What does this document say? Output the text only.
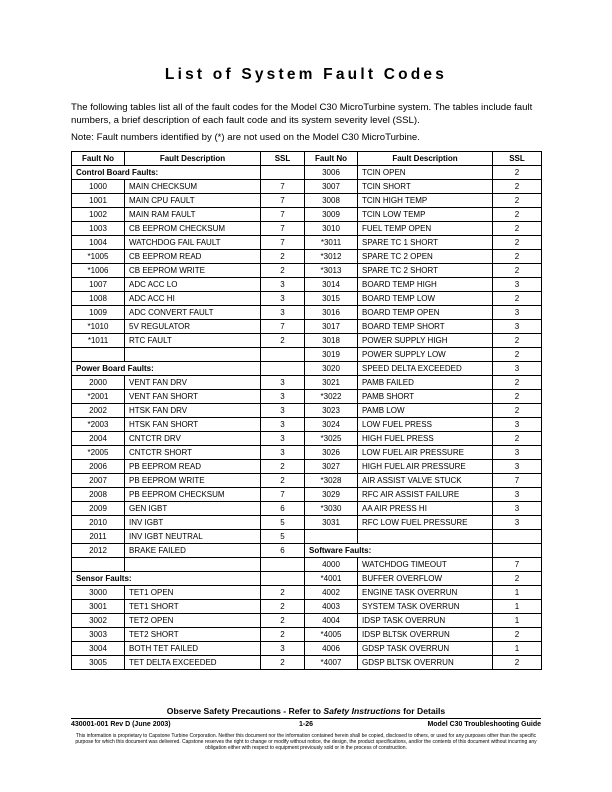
List of System Fault Codes

The following tables list all of the fault codes for the Model C30 MicroTurbine system. The tables include fault numbers, a brief description of each fault code and its system severity level (SSL).

Note: Fault numbers identified by (*) are not used on the Model C30 MicroTurbine.

Fault No	Fault Description	SSL	Fault No	Fault Description	SSL
Control Board Faults:			3006	TCIN OPEN	2
1000	MAIN CHECKSUM	7	3007	TCIN SHORT	2
1001	MAIN CPU FAULT	7	3008	TCIN HIGH TEMP	2
1002	MAIN RAM FAULT	7	3009	TCIN LOW TEMP	2
1003	CB EEPROM CHECKSUM	7	3010	FUEL TEMP OPEN	2
1004	WATCHDOG FAIL FAULT	7	*3011	SPARE TC 1 SHORT	2
*1005	CB EEPROM READ	2	*3012	SPARE TC 2 OPEN	2
*1006	CB EEPROM WRITE	2	*3013	SPARE TC 2 SHORT	2
1007	ADC ACC LO	3	3014	BOARD TEMP HIGH	3
1008	ADC ACC HI	3	3015	BOARD TEMP LOW	2
1009	ADC CONVERT FAULT	3	3016	BOARD TEMP OPEN	3
*1010	5V REGULATOR	7	3017	BOARD TEMP SHORT	3
*1011	RTC FAULT	2	3018	POWER SUPPLY HIGH	2
			3019	POWER SUPPLY LOW	2
Power Board Faults:			3020	SPEED DELTA EXCEEDED	3
2000	VENT FAN DRV	3	3021	PAMB FAILED	2
*2001	VENT FAN SHORT	3	*3022	PAMB SHORT	2
2002	HTSK FAN DRV	3	3023	PAMB LOW	2
*2003	HTSK FAN SHORT	3	3024	LOW FUEL PRESS	3
2004	CNTCTR DRV	3	*3025	HIGH FUEL PRESS	2
*2005	CNTCTR SHORT	3	3026	LOW FUEL AIR PRESSURE	3
2006	PB EEPROM READ	2	3027	HIGH FUEL AIR PRESSURE	3
2007	PB EEPROM WRITE	2	*3028	AIR ASSIST VALVE STUCK	7
2008	PB EEPROM CHECKSUM	7	3029	RFC AIR ASSIST FAILURE	3
2009	GEN IGBT	6	*3030	AA AIR PRESS HI	3
2010	INV IGBT	5	3031	RFC LOW FUEL PRESSURE	3
2011	INV IGBT NEUTRAL	5			
2012	BRAKE FAILED	6	Software Faults:		
			4000	WATCHDOG TIMEOUT	7
Sensor Faults:			*4001	BUFFER OVERFLOW	2
3000	TET1 OPEN	2	4002	ENGINE TASK OVERRUN	1
3001	TET1 SHORT	2	4003	SYSTEM TASK OVERRUN	1
3002	TET2 OPEN	2	4004	IDSP TASK OVERRUN	1
3003	TET2 SHORT	2	*4005	IDSP BLTSK OVERRUN	2
3004	BOTH TET FAILED	3	4006	GDSP TASK OVERRUN	1
3005	TET DELTA EXCEEDED	2	*4007	GDSP BLTSK OVERRUN	2
Observe Safety Precautions - Refer to Safety Instructions for Details
430001-001 Rev D (June 2003)	1-26	Model C30 Troubleshooting Guide
This information is proprietary to Capstone Turbine Corporation. Neither this document nor the information contained herein shall be copied, disclosed to others, or used for any purposes other than the specific purpose for which this document was delivered. Capstone reserves the right to change or modify without notice, the design, the product specifications, and/or the contents of this document without incurring any obligation either with respect to equipment previously sold or in the process of construction.
